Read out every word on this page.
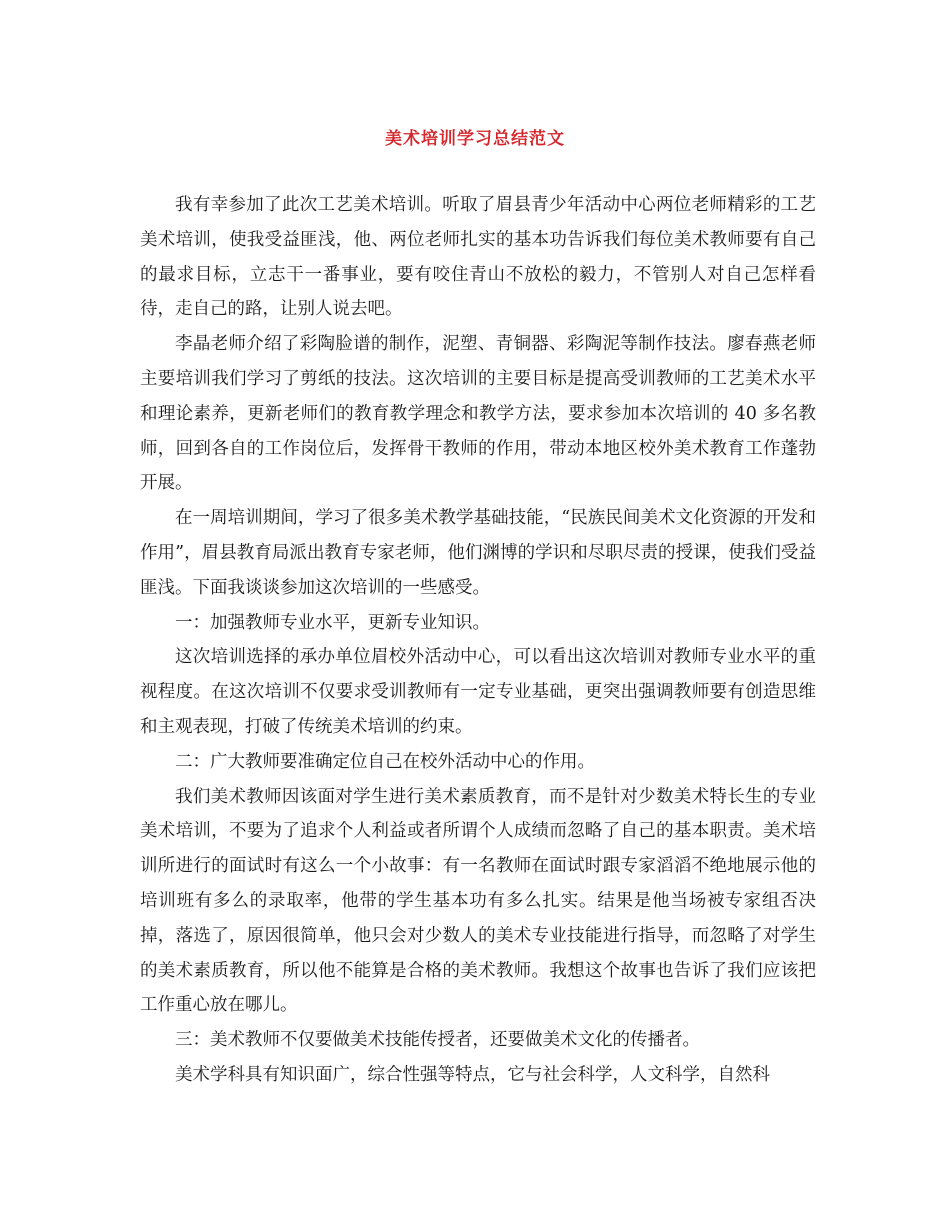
美术培训学习总结范文

我有幸参加了此次工艺美术培训。听取了眉县青少年活动中心两位老师精彩的工艺美术培训，使我受益匪浅，他、两位老师扎实的基本功告诉我们每位美术教师要有自己的最求目标，立志干一番事业，要有咬住青山不放松的毅力，不管别人对自己怎样看待，走自己的路，让别人说去吧。

李晶老师介绍了彩陶脸谱的制作，泥塑、青铜器、彩陶泥等制作技法。廖春燕老师主要培训我们学习了剪纸的技法。这次培训的主要目标是提高受训教师的工艺美术水平和理论素养，更新老师们的教育教学理念和教学方法，要求参加本次培训的 40 多名教师，回到各自的工作岗位后，发挥骨干教师的作用，带动本地区校外美术教育工作蓬勃开展。

在一周培训期间，学习了很多美术教学基础技能，“民族民间美术文化资源的开发和作用”，眉县教育局派出教育专家老师，他们渊博的学识和尽职尽责的授课，使我们受益匪浅。下面我谈谈参加这次培训的一些感受。

一：加强教师专业水平，更新专业知识。

这次培训选择的承办单位眉校外活动中心，可以看出这次培训对教师专业水平的重视程度。在这次培训不仅要求受训教师有一定专业基础，更突出强调教师要有创造思维和主观表现，打破了传统美术培训的约束。

二：广大教师要准确定位自己在校外活动中心的作用。

我们美术教师因该面对学生进行美术素质教育，而不是针对少数美术特长生的专业美术培训，不要为了追求个人利益或者所谓个人成绩而忽略了自己的基本职责。美术培训所进行的面试时有这么一个小故事：有一名教师在面试时跟专家滔滔不绝地展示他的培训班有多么的录取率，他带的学生基本功有多么扎实。结果是他当场被专家组否决掉，落选了，原因很简单，他只会对少数人的美术专业技能进行指导，而忽略了对学生的美术素质教育，所以他不能算是合格的美术教师。我想这个故事也告诉了我们应该把工作重心放在哪儿。

三：美术教师不仅要做美术技能传授者，还要做美术文化的传播者。

美术学科具有知识面广，综合性强等特点，它与社会科学，人文科学，自然科
